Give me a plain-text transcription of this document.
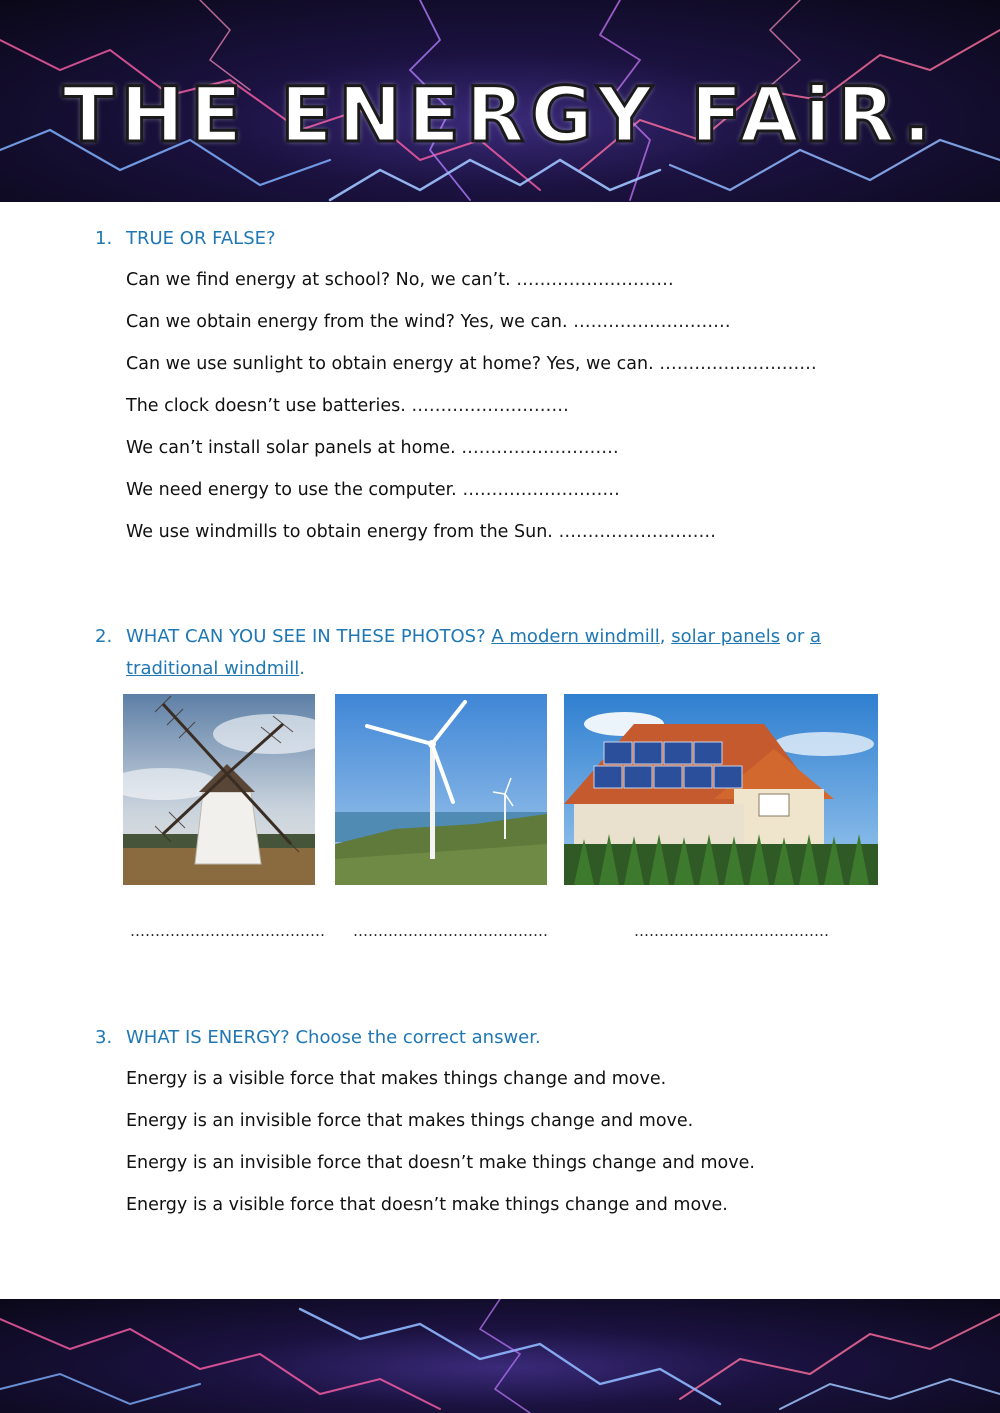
THE ENERGY FAiR.
1. TRUE OR FALSE?
Can we find energy at school? No, we can’t. ………………………
Can we obtain energy from the wind? Yes, we can. ………………………
Can we use sunlight to obtain energy at home? Yes, we can. ………………………
The clock doesn’t use batteries. ………………………
We can’t install solar panels at home. ………………………
We need energy to use the computer. ………………………
We use windmills to obtain energy from the Sun. ………………………
2. WHAT CAN YOU SEE IN THESE PHOTOS? A modern windmill, solar panels or a
traditional windmill.
………………………………… …………………………………	…………………………………
3. WHAT IS ENERGY? Choose the correct answer.
Energy is a visible force that makes things change and move.
Energy is an invisible force that makes things change and move.
Energy is an invisible force that doesn’t make things change and move.
Energy is a visible force that doesn’t make things change and move.
